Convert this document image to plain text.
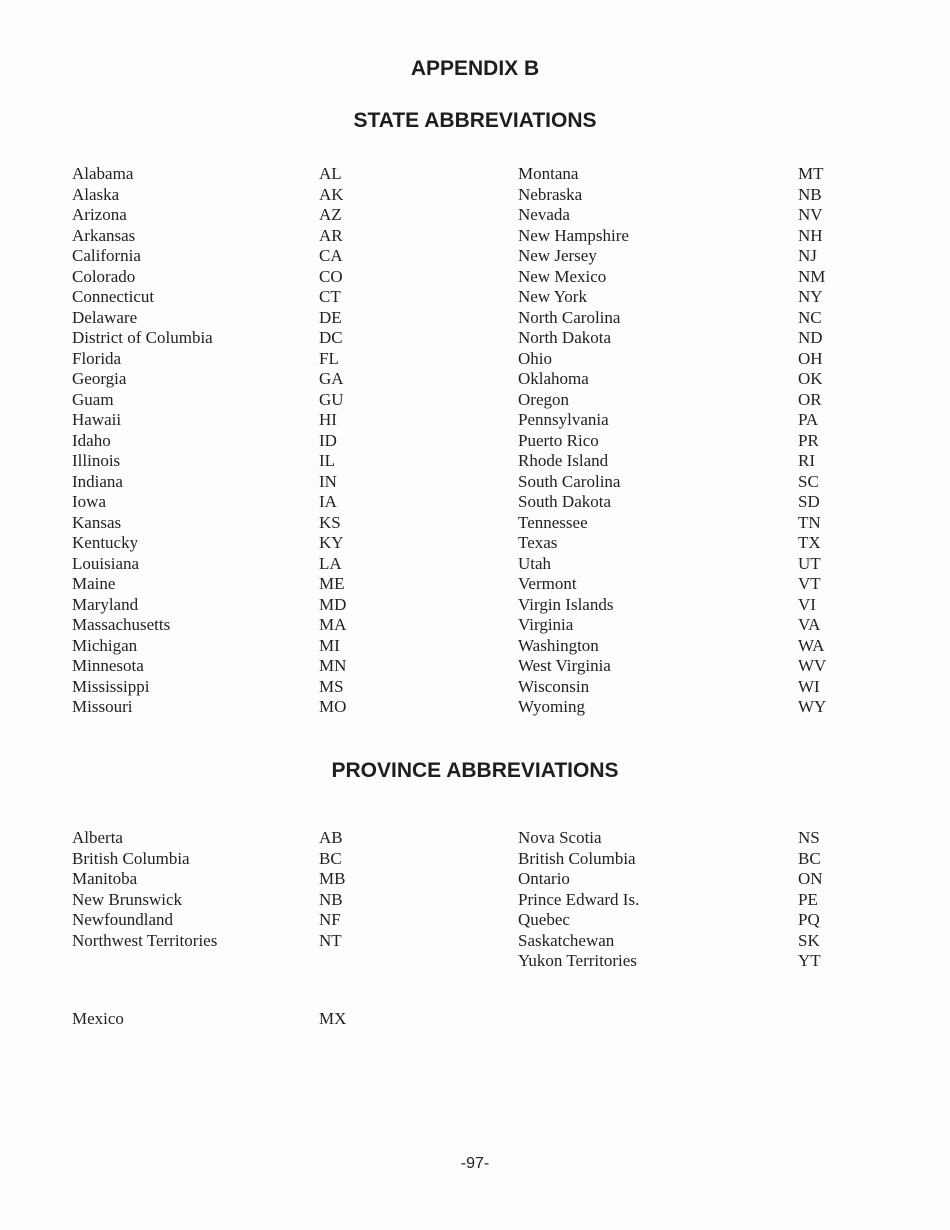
APPENDIX B
STATE ABBREVIATIONS
Alabama	AL
Alaska	AK
Arizona	AZ
Arkansas	AR
California	CA
Colorado	CO
Connecticut	CT
Delaware	DE
District of Columbia	DC
Florida	FL
Georgia	GA
Guam	GU
Hawaii	HI
Idaho	ID
Illinois	IL
Indiana	IN
Iowa	IA
Kansas	KS
Kentucky	KY
Louisiana	LA
Maine	ME
Maryland	MD
Massachusetts	MA
Michigan	MI
Minnesota	MN
Mississippi	MS
Missouri	MO
Montana	MT
Nebraska	NB
Nevada	NV
New Hampshire	NH
New Jersey	NJ
New Mexico	NM
New York	NY
North Carolina	NC
North Dakota	ND
Ohio	OH
Oklahoma	OK
Oregon	OR
Pennsylvania	PA
Puerto Rico	PR
Rhode Island	RI
South Carolina	SC
South Dakota	SD
Tennessee	TN
Texas	TX
Utah	UT
Vermont	VT
Virgin Islands	VI
Virginia	VA
Washington	WA
West Virginia	WV
Wisconsin	WI
Wyoming	WY
PROVINCE ABBREVIATIONS
Alberta	AB
British Columbia	BC
Manitoba	MB
New Brunswick	NB
Newfoundland	NF
Northwest Territories	NT
Nova Scotia	NS
British Columbia	BC
Ontario	ON
Prince Edward Is.	PE
Quebec	PQ
Saskatchewan	SK
Yukon Territories	YT
Mexico	MX
-97-
